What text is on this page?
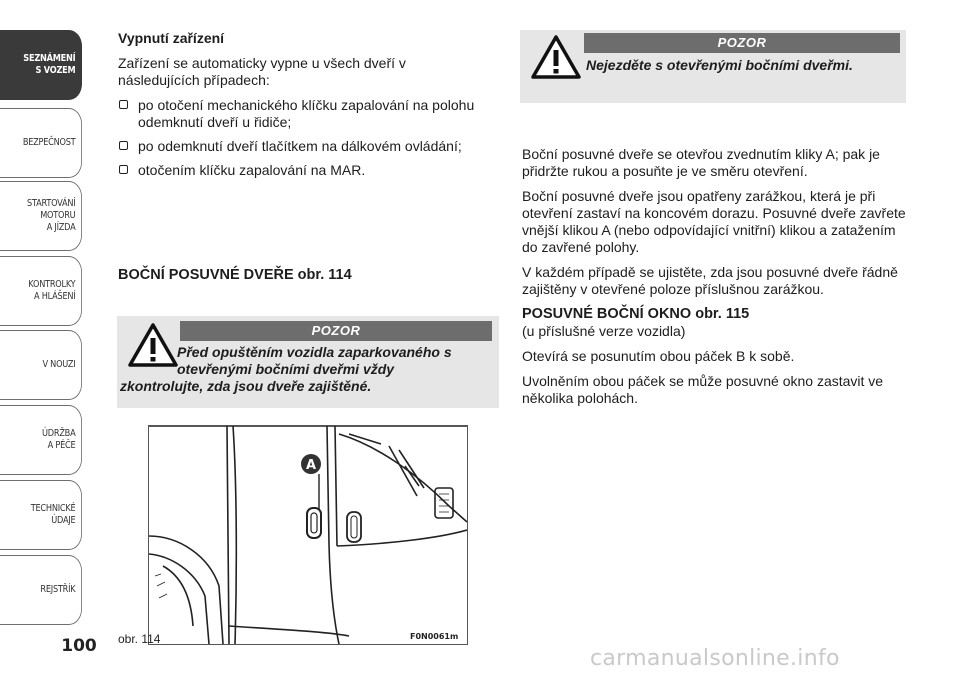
SEZNÁMENÍ
S VOZEM
BEZPEČNOST
STARTOVÁNÍ
MOTORU
A JÍZDA
KONTROLKY
A HLÁŠENÍ
V NOUZI
ÚDRŽBA
A PÉČE
TECHNICKÉ
ÚDAJE
REJSTŘÍK
100
Vypnutí zařízení

Zařízení se automaticky vypne u všech dveří v následujících případech:

po otočení mechanického klíčku zapalování na polohu odemknutí dveří u řidiče;
po odemknutí dveří tlačítkem na dálkovém ovládání;
otočením klíčku zapalování na MAR.
BOČNÍ POSUVNÉ DVEŘE obr. 114
POZOR
Před opuštěním vozidla zaparkovaného s otevřenými bočními dveřmi vždy
zkontrolujte, zda jsou dveře zajištěné.
A
obr. 114	F0N0061m
POZOR
Nejezděte s otevřenými bočními dveřmi.

Boční posuvné dveře se otevřou zvednutím kliky A; pak je přidržte rukou a posuňte je ve směru otevření.

Boční posuvné dveře jsou opatřeny zarážkou, která je při otevření zastaví na koncovém dorazu. Posuvné dveře zavřete vnější klikou A (nebo odpovídající vnitřní) klikou a zatažením do zavřené polohy.

V každém případě se ujistěte, zda jsou posuvné dveře řádně zajištěny v otevřené poloze příslušnou zarážkou.

POSUVNÉ BOČNÍ OKNO obr. 115

(u příslušné verze vozidla)

Otevírá se posunutím obou páček B k sobě.

Uvolněním obou páček se může posuvné okno zastavit ve několika polohách.

carmanualsonline.info
